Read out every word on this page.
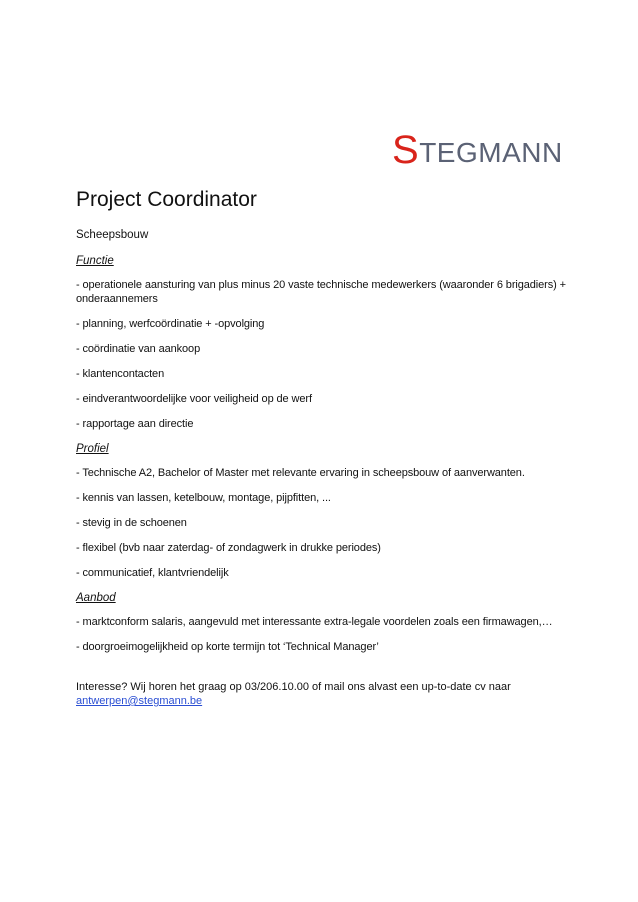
S TEGMANN
Project Coordinator
Scheepsbouw
Functie
- operationele aansturing van plus minus 20 vaste technische medewerkers (waaronder 6 brigadiers) + onderaannemers
- planning, werfcoördinatie + -opvolging
- coördinatie van aankoop
- klantencontacten
- eindverantwoordelijke voor veiligheid op de werf
- rapportage aan directie
Profiel
- Technische A2, Bachelor of Master met relevante ervaring in scheepsbouw of aanverwanten.
- kennis van lassen, ketelbouw, montage, pijpfitten, ...
- stevig in de schoenen
- flexibel (bvb naar zaterdag- of zondagwerk in drukke periodes)
- communicatief, klantvriendelijk
Aanbod
- marktconform salaris, aangevuld met interessante extra-legale voordelen zoals een firmawagen,…
- doorgroeimogelijkheid op korte termijn tot ‘Technical Manager’
Interesse? Wij horen het graag op 03/206.10.00 of mail ons alvast een up-to-date cv naar
antwerpen@stegmann.be
